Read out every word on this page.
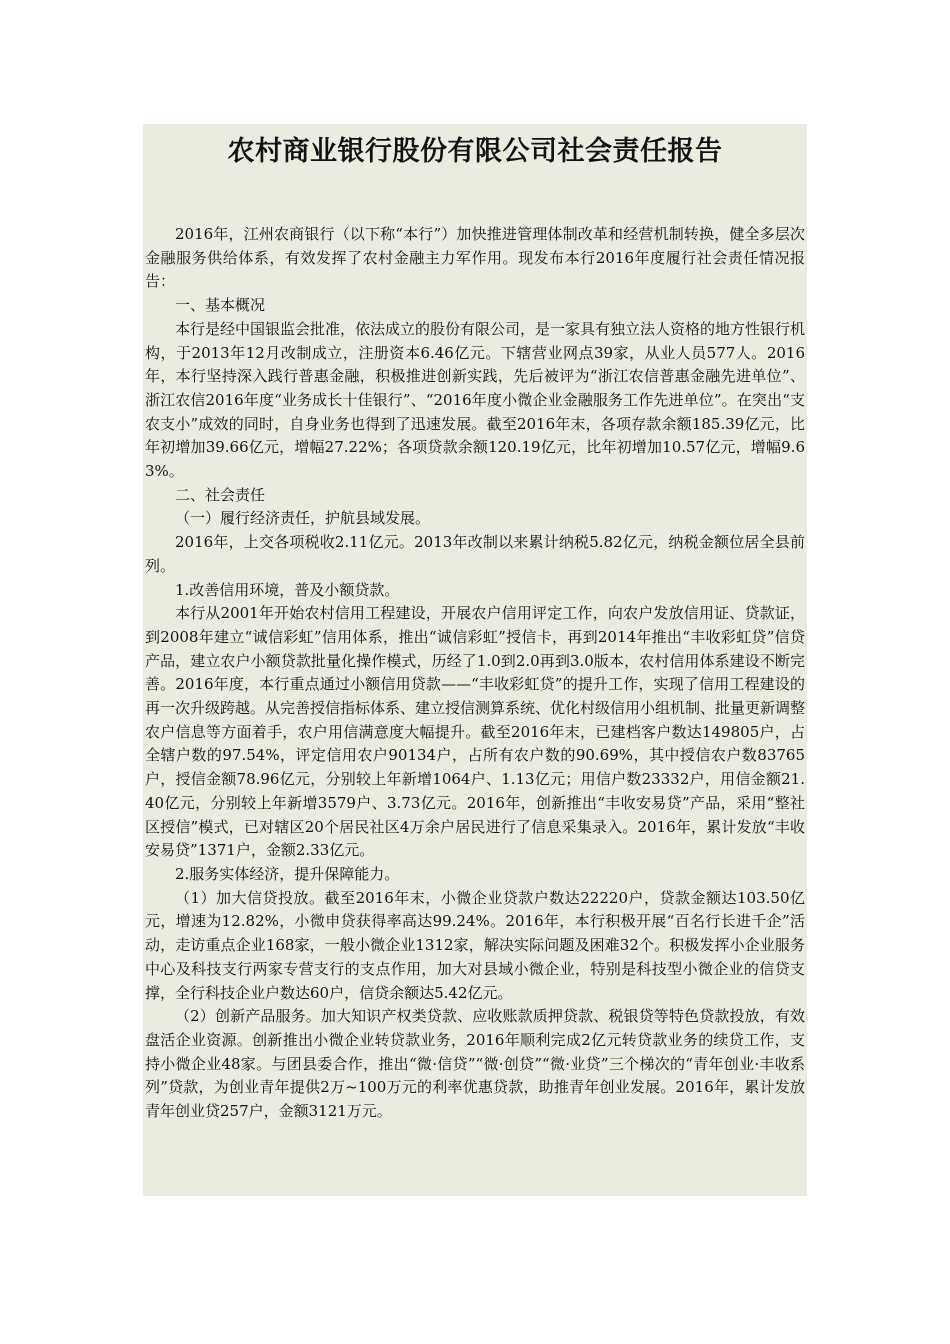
农村商业银行股份有限公司社会责任报告

2016年，江州农商银行（以下称“本行”）加快推进管理体制改革和经营机制转换，健全多层次金融服务供给体系，有效发挥了农村金融主力军作用。现发布本行2016年度履行社会责任情况报告：

一、基本概况

本行是经中国银监会批准，依法成立的股份有限公司，是一家具有独立法人资格的地方性银行机构，于2013年12月改制成立，注册资本6.46亿元。下辖营业网点39家，从业人员577人。2016年，本行坚持深入践行普惠金融，积极推进创新实践，先后被评为“浙江农信普惠金融先进单位”、浙江农信2016年度“业务成长十佳银行”、“2016年度小微企业金融服务工作先进单位”。在突出“支农支小”成效的同时，自身业务也得到了迅速发展。截至2016年末，各项存款余额185.39亿元，比年初增加39.66亿元，增幅27.22%；各项贷款余额120.19亿元，比年初增加10.57亿元，增幅9.63%。

二、社会责任

（一）履行经济责任，护航县域发展。

2016年，上交各项税收2.11亿元。2013年改制以来累计纳税5.82亿元，纳税金额位居全县前列。

1.改善信用环境，普及小额贷款。

本行从2001年开始农村信用工程建设，开展农户信用评定工作，向农户发放信用证、贷款证，到2008年建立“诚信彩虹”信用体系，推出“诚信彩虹”授信卡，再到2014年推出“丰收彩虹贷”信贷产品，建立农户小额贷款批量化操作模式，历经了1.0到2.0再到3.0版本，农村信用体系建设不断完善。2016年度，本行重点通过小额信用贷款——“丰收彩虹贷”的提升工作，实现了信用工程建设的再一次升级跨越。从完善授信指标体系、建立授信测算系统、优化村级信用小组机制、批量更新调整农户信息等方面着手，农户用信满意度大幅提升。截至2016年末，已建档客户数达149805户，占全辖户数的97.54%，评定信用农户90134户，占所有农户数的90.69%，其中授信农户数83765户，授信金额78.96亿元，分别较上年新增1064户、1.13亿元；用信户数23332户，用信金额21.40亿元，分别较上年新增3579户、3.73亿元。2016年，创新推出“丰收安易贷”产品，采用“整社区授信”模式，已对辖区20个居民社区4万余户居民进行了信息采集录入。2016年，累计发放“丰收安易贷”1371户，金额2.33亿元。

2.服务实体经济，提升保障能力。

（1）加大信贷投放。截至2016年末，小微企业贷款户数达22220户，贷款金额达103.50亿元，增速为12.82%，小微申贷获得率高达99.24%。2016年，本行积极开展“百名行长进千企”活动，走访重点企业168家，一般小微企业1312家，解决实际问题及困难32个。积极发挥小企业服务中心及科技支行两家专营支行的支点作用，加大对县域小微企业，特别是科技型小微企业的信贷支撑，全行科技企业户数达60户，信贷余额达5.42亿元。

（2）创新产品服务。加大知识产权类贷款、应收账款质押贷款、税银贷等特色贷款投放，有效盘活企业资源。创新推出小微企业转贷款业务，2016年顺利完成2亿元转贷款业务的续贷工作，支持小微企业48家。与团县委合作，推出“微·信贷”“微·创贷”“微·业贷”三个梯次的“青年创业·丰收系列”贷款，为创业青年提供2万~100万元的利率优惠贷款，助推青年创业发展。2016年，累计发放青年创业贷257户，金额3121万元。
